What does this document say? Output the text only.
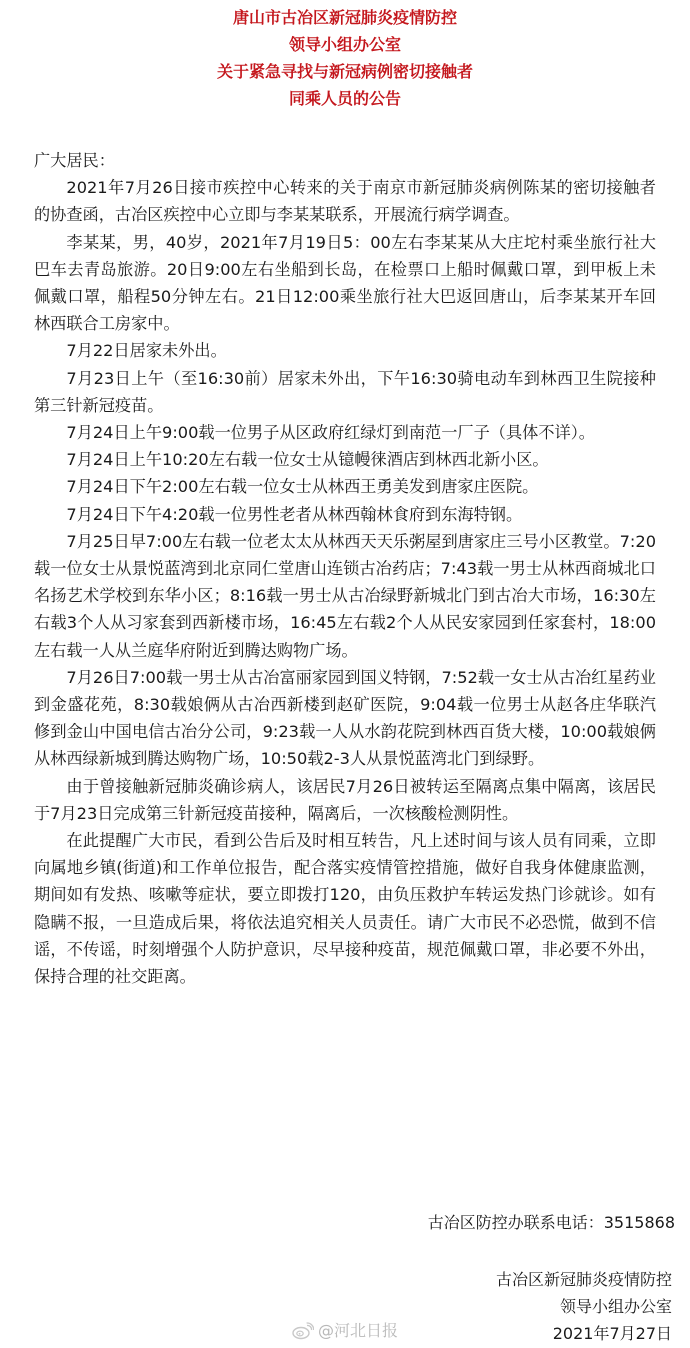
唐山市古冶区新冠肺炎疫情防控

领导小组办公室

关于紧急寻找与新冠病例密切接触者

同乘人员的公告

广大居民：

2021年7月26日接市疾控中心转来的关于南京市新冠肺炎病例陈某的密切接触者的协查函，古冶区疾控中心立即与李某某联系，开展流行病学调查。

李某某，男，40岁，2021年7月19日5：00左右李某某从大庄坨村乘坐旅行社大巴车去青岛旅游。20日9:00左右坐船到长岛，在检票口上船时佩戴口罩，到甲板上未佩戴口罩，船程50分钟左右。21日12:00乘坐旅行社大巴返回唐山，后李某某开车回林西联合工房家中。

7月22日居家未外出。

7月23日上午（至16:30前）居家未外出，下午16:30骑电动车到林西卫生院接种第三针新冠疫苗。

7月24日上午9:00载一位男子从区政府红绿灯到南范一厂子（具体不详）。

7月24日上午10:20左右载一位女士从镱幔徕酒店到林西北新小区。

7月24日下午2:00左右载一位女士从林西王勇美发到唐家庄医院。

7月24日下午4:20载一位男性老者从林西翰林食府到东海特钢。

7月25日早7:00左右载一位老太太从林西天天乐粥屋到唐家庄三号小区教堂。7:20载一位女士从景悦蓝湾到北京同仁堂唐山连锁古冶药店；7:43载一男士从林西商城北口名扬艺术学校到东华小区；8:16载一男士从古冶绿野新城北门到古冶大市场，16:30左右载3个人从习家套到西新楼市场，16:45左右载2个人从民安家园到任家套村，18:00左右载一人从兰庭华府附近到腾达购物广场。

7月26日7:00载一男士从古冶富丽家园到国义特钢，7:52载一女士从古冶红星药业到金盛花苑，8:30载娘俩从古冶西新楼到赵矿医院，9:04载一位男士从赵各庄华联汽修到金山中国电信古冶分公司，9:23载一人从水韵花院到林西百货大楼，10:00载娘俩从林西绿新城到腾达购物广场，10:50载2-3人从景悦蓝湾北门到绿野。

由于曾接触新冠肺炎确诊病人，该居民7月26日被转运至隔离点集中隔离，该居民于7月23日完成第三针新冠疫苗接种，隔离后，一次核酸检测阴性。

在此提醒广大市民，看到公告后及时相互转告，凡上述时间与该人员有同乘，立即向属地乡镇(街道)和工作单位报告，配合落实疫情管控措施，做好自我身体健康监测，期间如有发热、咳嗽等症状，要立即拨打120，由负压救护车转运发热门诊就诊。如有隐瞒不报，一旦造成后果，将依法追究相关人员责任。请广大市民不必恐慌，做到不信谣，不传谣，时刻增强个人防护意识，尽早接种疫苗，规范佩戴口罩，非必要不外出，保持合理的社交距离。

古冶区防控办联系电话：3515868
古冶区新冠肺炎疫情防控
领导小组办公室
2021年7月27日
@河北日报
